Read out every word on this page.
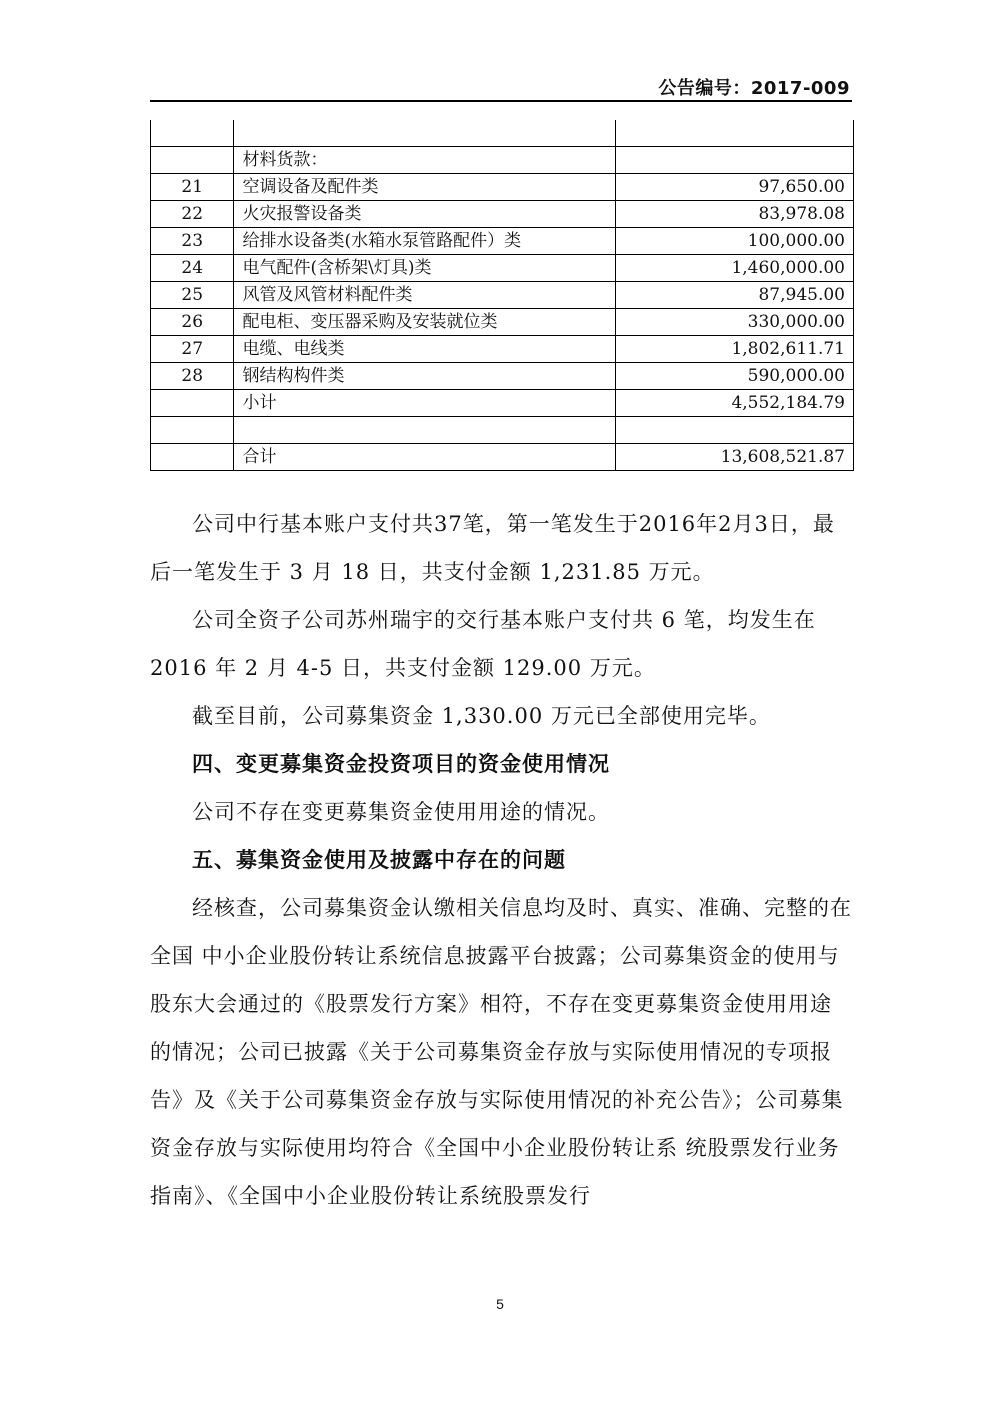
公告编号：2017-009

	材料货款：	
21	空调设备及配件类	97,650.00
22	火灾报警设备类	83,978.08
23	给排水设备类(水箱水泵管路配件）类	100,000.00
24	电气配件(含桥架\灯具)类	1,460,000.00
25	风管及风管材料配件类	87,945.00
26	配电柜、变压器采购及安装就位类	330,000.00
27	电缆、电线类	1,802,611.71
28	钢结构构件类	590,000.00
	小计	4,552,184.79

	合计	13,608,521.87

公司中行基本账户支付共37笔，第一笔发生于2016年2月3日，最后一笔发生于 3 月 18 日，共支付金额 1,231.85 万元。

公司全资子公司苏州瑞宇的交行基本账户支付共 6 笔，均发生在 2016 年 2 月 4-5 日，共支付金额 129.00 万元。

截至目前，公司募集资金 1,330.00 万元已全部使用完毕。

四、变更募集资金投资项目的资金使用情况

公司不存在变更募集资金使用用途的情况。

五、募集资金使用及披露中存在的问题

经核查，公司募集资金认缴相关信息均及时、真实、准确、完整的在全国 中小企业股份转让系统信息披露平台披露；公司募集资金的使用与股东大会通过的《股票发行方案》相符，不存在变更募集资金使用用途的情况；公司已披露《关于公司募集资金存放与实际使用情况的专项报告》及《关于公司募集资金存放与实际使用情况的补充公告》；公司募集资金存放与实际使用均符合《全国中小企业股份转让系 统股票发行业务指南》、《全国中小企业股份转让系统股票发行

5
